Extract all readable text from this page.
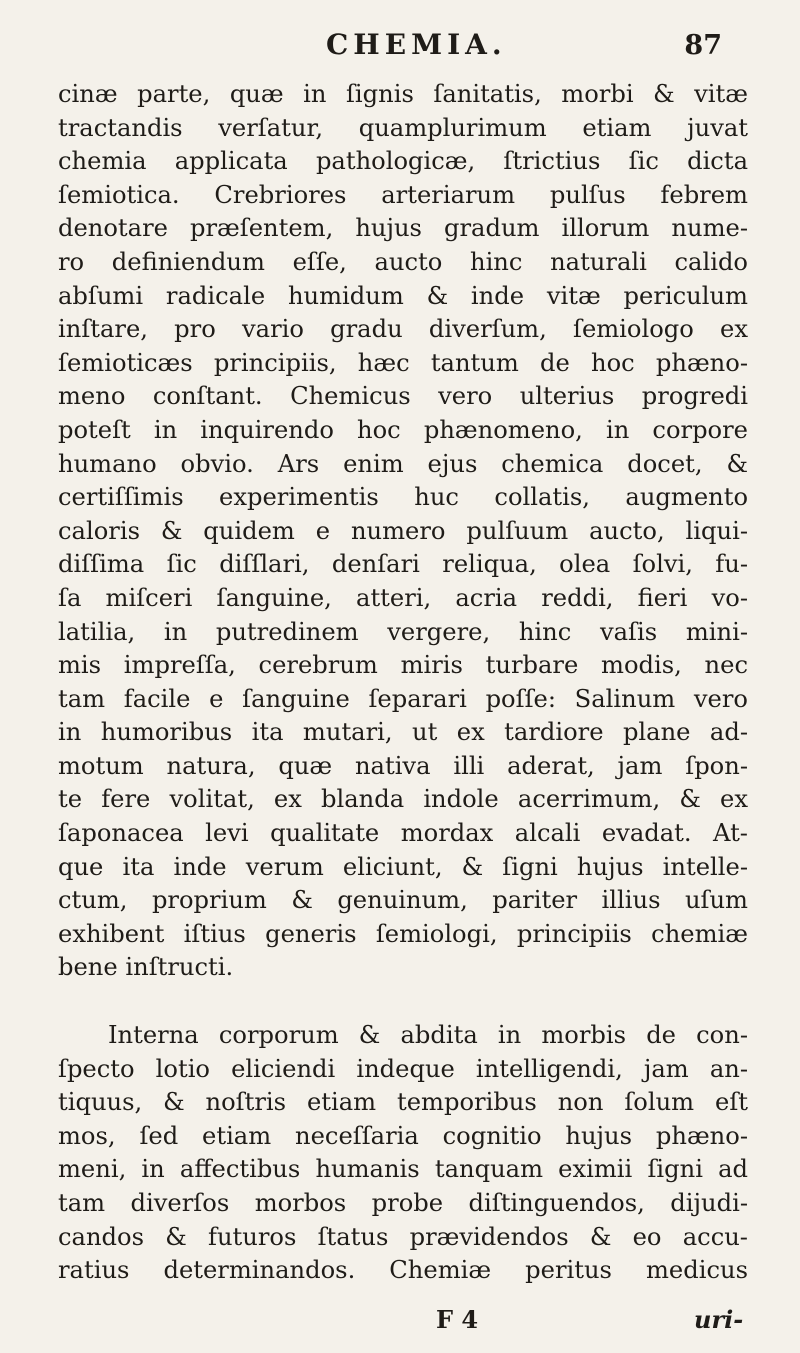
CHEMIA.	87
cinæ parte, quæ in ſignis ſanitatis, morbi & vitæ
tractandis verſatur, quamplurimum etiam juvat
chemia applicata pathologicæ, ſtrictius ſic dicta
ſemiotica. Crebriores arteriarum pulſus febrem
denotare præſentem, hujus gradum illorum nume-
ro definiendum eſſe, aucto hinc naturali calido
abſumi radicale humidum & inde vitæ periculum
inſtare, pro vario gradu diverſum, ſemiologo ex
ſemioticæs principiis, hæc tantum de hoc phæno-
meno conſtant. Chemicus vero ulterius progredi
poteſt in inquirendo hoc phænomeno, in corpore
humano obvio. Ars enim ejus chemica docet, &
certiſſimis experimentis huc collatis, augmento
caloris & quidem e numero pulſuum aucto, liqui-
diſſima ſic diſſlari, denſari reliqua, olea ſolvi, fu-
ſa miſceri ſanguine, atteri, acria reddi, fieri vo-
latilia, in putredinem vergere, hinc vaſis mini-
mis impreſſa, cerebrum miris turbare modis, nec
tam facile e ſanguine ſeparari poſſe: Salinum vero
in humoribus ita mutari, ut ex tardiore plane ad-
motum natura, quæ nativa illi aderat, jam ſpon-
te fere volitat, ex blanda indole acerrimum, & ex
ſaponacea levi qualitate mordax alcali evadat. At-
que ita inde verum eliciunt, & ſigni hujus intelle-
ctum, proprium & genuinum, pariter illius uſum
exhibent iſtius generis ſemiologi, principiis chemiæ
bene inſtructi.
Interna corporum & abdita in morbis de con-
ſpecto lotio eliciendi indeque intelligendi, jam an-
tiquus, & noſtris etiam temporibus non ſolum eſt
mos, ſed etiam neceſſaria cognitio hujus phæno-
meni, in affectibus humanis tanquam eximii ſigni ad
tam diverſos morbos probe diſtinguendos, dijudi-
candos & futuros ſtatus prævidendos & eo accu-
ratius determinandos. Chemiæ peritus medicus
F 4	uri-
